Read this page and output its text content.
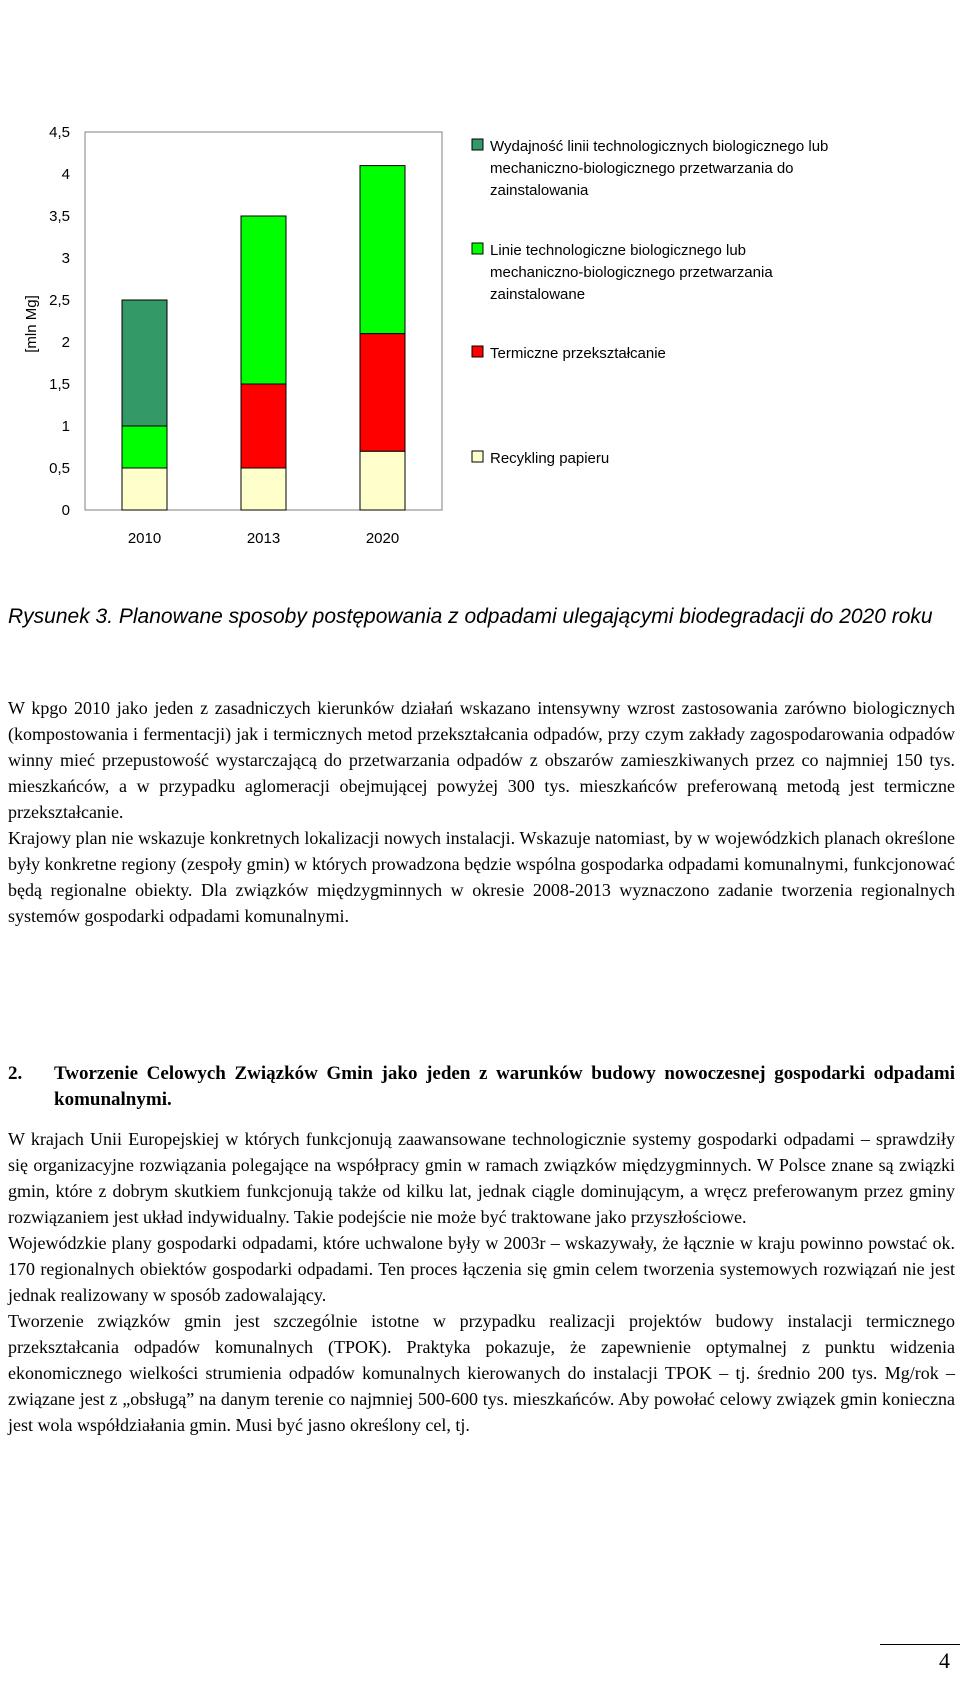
[mln Mg]
0
0,5
1
1,5
2
2,5
3
3,5
4
4,5
2010	2013	2020
Wydajność linii technologicznych biologicznego lub
mechaniczno-biologicznego przetwarzania do
zainstalowania
Linie technologiczne biologicznego lub
mechaniczno-biologicznego przetwarzania
zainstalowane
Termiczne przekształcanie
Recykling papieru
Rysunek 3. Planowane sposoby postępowania z odpadami ulegającymi biodegradacji do 2020 roku

W kpgo 2010 jako jeden z zasadniczych kierunków działań wskazano intensywny wzrost zastosowania zarówno biologicznych (kompostowania i fermentacji) jak i termicznych metod przekształcania odpadów, przy czym zakłady zagospodarowania odpadów winny mieć przepustowość wystarczającą do przetwarzania odpadów z obszarów zamieszkiwanych przez co najmniej 150 tys. mieszkańców, a w przypadku aglomeracji obejmującej powyżej 300 tys. mieszkańców preferowaną metodą jest termiczne przekształcanie.

Krajowy plan nie wskazuje konkretnych lokalizacji nowych instalacji. Wskazuje natomiast, by w wojewódzkich planach określone były konkretne regiony (zespoły gmin) w których prowadzona będzie wspólna gospodarka odpadami komunalnymi, funkcjonować będą regionalne obiekty. Dla związków międzygminnych w okresie 2008-2013 wyznaczono zadanie tworzenia regionalnych systemów gospodarki odpadami komunalnymi.

2. Tworzenie Celowych Związków Gmin jako jeden z warunków budowy nowoczesnej gospodarki odpadami komunalnymi.

W krajach Unii Europejskiej w których funkcjonują zaawansowane technologicznie systemy gospodarki odpadami – sprawdziły się organizacyjne rozwiązania polegające na współpracy gmin w ramach związków międzygminnych. W Polsce znane są związki gmin, które z dobrym skutkiem funkcjonują także od kilku lat, jednak ciągle dominującym, a wręcz preferowanym przez gminy rozwiązaniem jest układ indywidualny. Takie podejście nie może być traktowane jako przyszłościowe.

Wojewódzkie plany gospodarki odpadami, które uchwalone były w 2003r – wskazywały, że łącznie w kraju powinno powstać ok. 170 regionalnych obiektów gospodarki odpadami. Ten proces łączenia się gmin celem tworzenia systemowych rozwiązań nie jest jednak realizowany w sposób zadowalający.

Tworzenie związków gmin jest szczególnie istotne w przypadku realizacji projektów budowy instalacji termicznego przekształcania odpadów komunalnych (TPOK). Praktyka pokazuje, że zapewnienie optymalnej z punktu widzenia ekonomicznego wielkości strumienia odpadów komunalnych kierowanych do instalacji TPOK – tj. średnio 200 tys. Mg/rok – związane jest z „obsługą” na danym terenie co najmniej 500-600 tys. mieszkańców. Aby powołać celowy związek gmin konieczna jest wola współdziałania gmin. Musi być jasno określony cel, tj.

4
